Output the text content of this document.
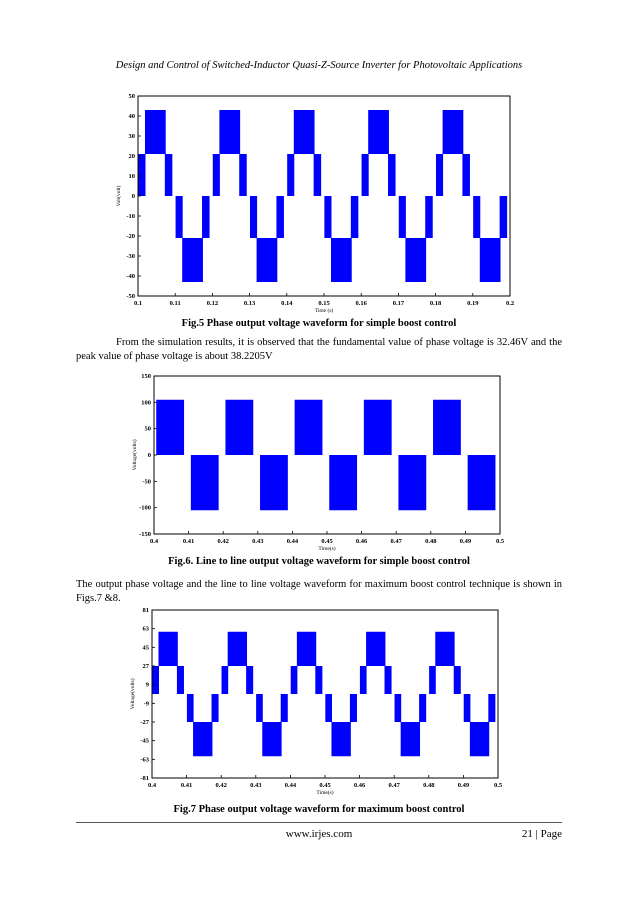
Design and Control of Switched-Inductor Quasi-Z-Source Inverter for Photovoltaic Applications
0.1	0.11	0.12	0.13	0.14	0.15	0.16	0.17	0.18	0.19	0.2
50
40
30
20
10
0
-10
-20
-30
-40
-50
Time (s)
Vab(volt)
Fig.5 Phase output voltage waveform for simple boost control
From the simulation results, it is observed that the fundamental value of phase voltage is 32.46V and the peak value of phase voltage is about 38.2205V
0.4	0.41	0.42	0.43	0.44	0.45	0.46	0.47	0.48	0.49	0.5
150
100
50
0
-50
-100
-150
Time(s)
Voltage(volts)
Fig.6. Line to line output voltage waveform for simple boost control
The output phase voltage and the line to line voltage waveform for maximum boost control technique is shown in Figs.7 &8.
0.4	0.41	0.42	0.43	0.44	0.45	0.46	0.47	0.48	0.49	0.5
81
63
45
27
9
-9
-27
-45
-63
-81
Time(s)
Voltage(volts)
Fig.7 Phase output voltage waveform for maximum boost control
www.irjes.com	21 | Page
